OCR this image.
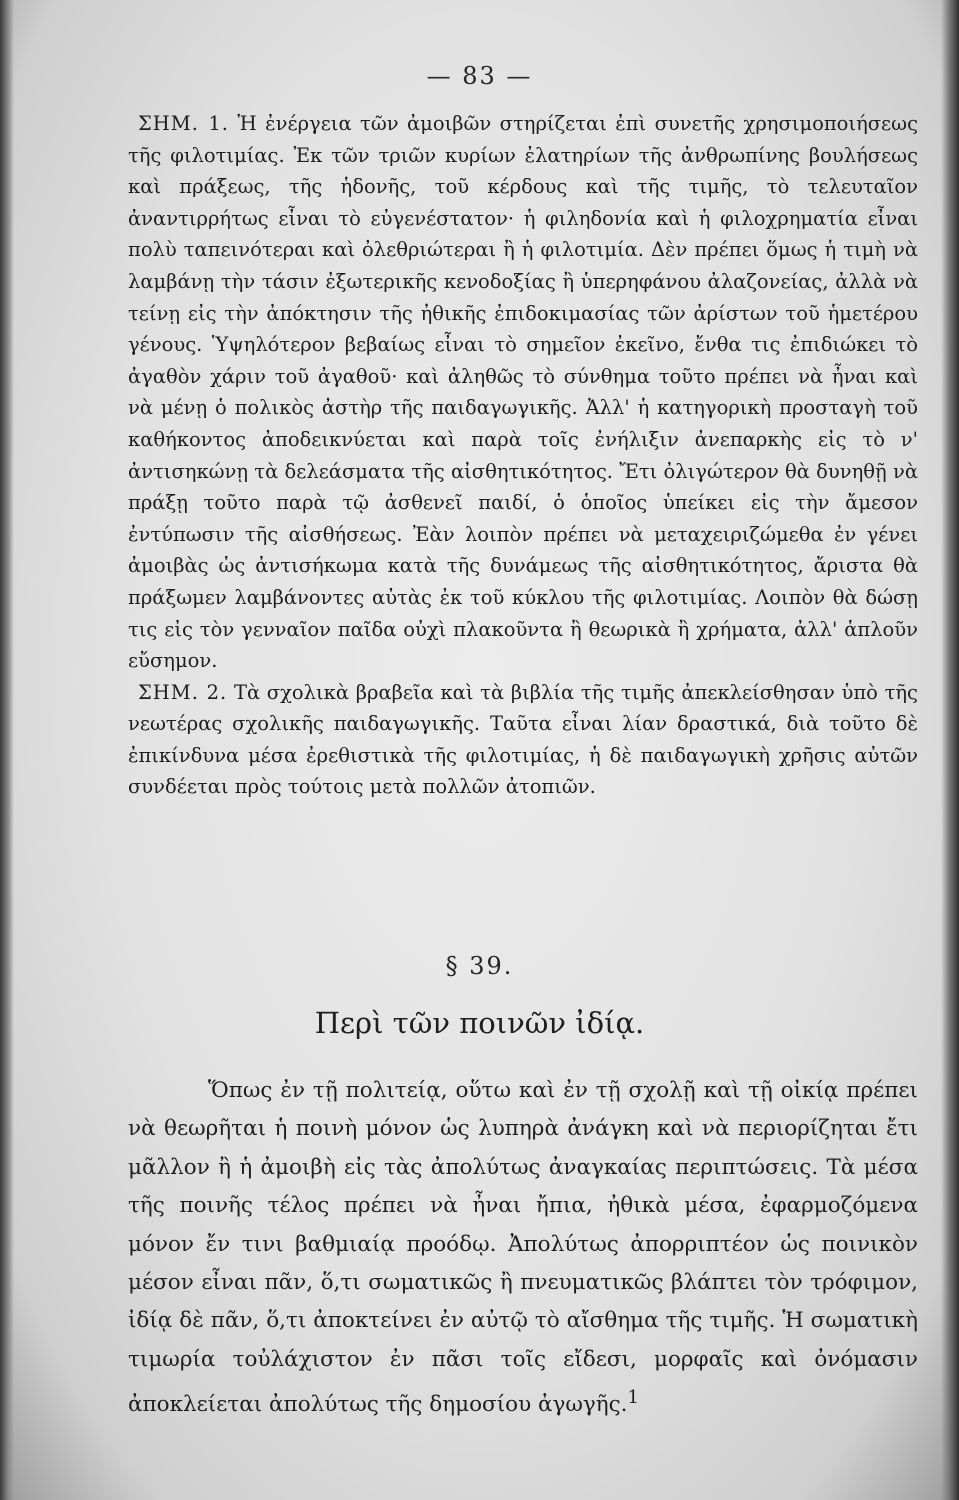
— 83 —

ΣΗΜ. 1. Ἡ ἐνέργεια τῶν ἀμοιβῶν στηρίζεται ἐπὶ συνετῆς χρησιμοποιήσεως τῆς φιλοτιμίας. Ἐκ τῶν τριῶν κυρίων ἐλατηρίων τῆς ἀνθρωπίνης βουλήσεως καὶ πράξεως, τῆς ἡδονῆς, τοῦ κέρδους καὶ τῆς τιμῆς, τὸ τελευταῖον ἀναντιρρήτως εἶναι τὸ εὐγενέστατον· ἡ φιληδονία καὶ ἡ φιλοχρηματία εἶναι πολὺ ταπεινότεραι καὶ ὀλεθριώτεραι ἢ ἡ φιλοτιμία. Δὲν πρέπει ὅμως ἡ τιμὴ νὰ λαμβάνῃ τὴν τάσιν ἐξωτερικῆς κενοδοξίας ἢ ὑπερηφάνου ἀλαζονείας, ἀλλὰ νὰ τείνῃ εἰς τὴν ἀπόκτησιν τῆς ἠθικῆς ἐπιδοκιμασίας τῶν ἀρίστων τοῦ ἡμετέρου γένους. Ὑψηλότερον βεβαίως εἶναι τὸ σημεῖον ἐκεῖνο, ἔνθα τις ἐπιδιώκει τὸ ἀγαθὸν χάριν τοῦ ἀγαθοῦ· καὶ ἀληθῶς τὸ σύνθημα τοῦτο πρέπει νὰ ἦναι καὶ νὰ μένῃ ὁ πολικὸς ἀστὴρ τῆς παιδαγωγικῆς. Ἀλλ' ἡ κατηγορικὴ προσταγὴ τοῦ καθήκοντος ἀποδεικνύεται καὶ παρὰ τοῖς ἐνήλιξιν ἀνεπαρκὴς εἰς τὸ ν' ἀντισηκώνῃ τὰ δελεάσματα τῆς αἰσθητικότητος. Ἔτι ὀλιγώτερον θὰ δυνηθῇ νὰ πράξῃ τοῦτο παρὰ τῷ ἀσθενεῖ παιδί, ὁ ὁποῖος ὑπείκει εἰς τὴν ἄμεσον ἐντύπωσιν τῆς αἰσθήσεως. Ἐὰν λοιπὸν πρέπει νὰ μεταχειριζώμεθα ἐν γένει ἀμοιβὰς ὡς ἀντισήκωμα κατὰ τῆς δυνάμεως τῆς αἰσθητικότητος, ἄριστα θὰ πράξωμεν λαμβάνοντες αὐτὰς ἐκ τοῦ κύκλου τῆς φιλοτιμίας. Λοιπὸν θὰ δώσῃ τις εἰς τὸν γενναῖον παῖδα οὐχὶ πλακοῦντα ἢ θεωρικὰ ἢ χρήματα, ἀλλ' ἁπλοῦν εὔσημον.

ΣΗΜ. 2. Τὰ σχολικὰ βραβεῖα καὶ τὰ βιβλία τῆς τιμῆς ἀπεκλείσθησαν ὑπὸ τῆς νεωτέρας σχολικῆς παιδαγωγικῆς. Ταῦτα εἶναι λίαν δραστικά, διὰ τοῦτο δὲ ἐπικίνδυνα μέσα ἐρεθιστικὰ τῆς φιλοτιμίας, ἡ δὲ παιδαγωγικὴ χρῆσις αὐτῶν συνδέεται πρὸς τούτοις μετὰ πολλῶν ἀτοπιῶν.

§ 39.
Περὶ τῶν ποινῶν ἰδίᾳ.

Ὅπως ἐν τῇ πολιτείᾳ, οὕτω καὶ ἐν τῇ σχολῇ καὶ τῇ οἰκίᾳ πρέπει νὰ θεωρῆται ἡ ποινὴ μόνον ὡς λυπηρὰ ἀνάγκη καὶ νὰ περιορίζηται ἔτι μᾶλλον ἢ ἡ ἀμοιβὴ εἰς τὰς ἀπολύτως ἀναγκαίας περιπτώσεις. Τὰ μέσα τῆς ποινῆς τέλος πρέπει νὰ ἦναι ἤπια, ἠθικὰ μέσα, ἐφαρμοζόμενα μόνον ἔν τινι βαθμιαίᾳ προόδῳ. Ἀπολύτως ἀπορριπτέον ὡς ποινικὸν μέσον εἶναι πᾶν, ὅ,τι σωματικῶς ἢ πνευματικῶς βλάπτει τὸν τρόφιμον, ἰδίᾳ δὲ πᾶν, ὅ,τι ἀποκτείνει ἐν αὐτῷ τὸ αἴσθημα τῆς τιμῆς. Ἡ σωματικὴ τιμωρία τοὐλάχιστον ἐν πᾶσι τοῖς εἴδεσι, μορφαῖς καὶ ὀνόμασιν ἀποκλείεται ἀπολύτως τῆς δημοσίου ἀγωγῆς.$^1$
